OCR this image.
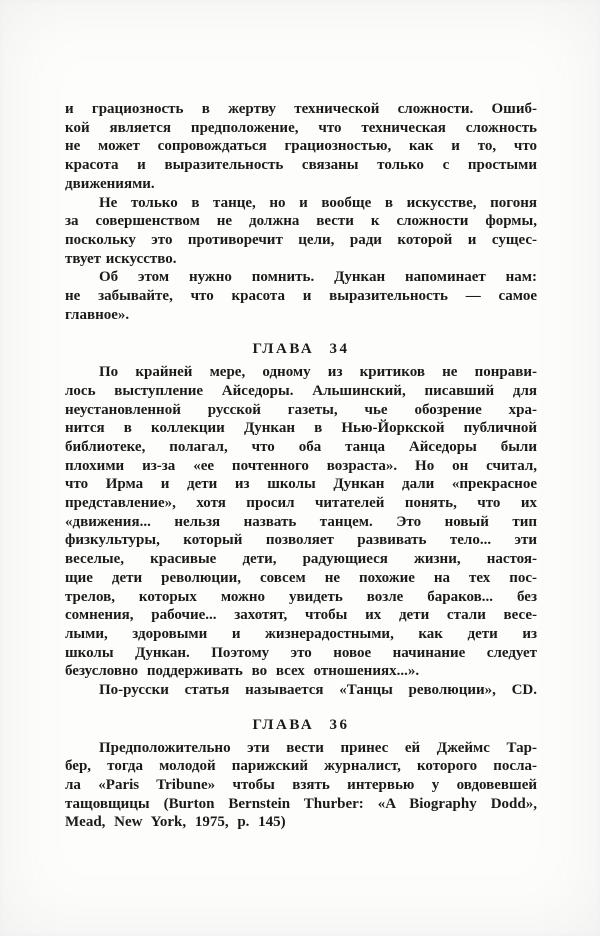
и грациозность в жертву технической сложности. Ошиб-
кой является предположение, что техническая сложность
не может сопровождаться грациозностью, как и то, что
красота и выразительность связаны только с простыми
движениями.
Не только в танце, но и вообще в искусстве, погоня
за совершенством не должна вести к сложности формы,
поскольку это противоречит цели, ради которой и сущес-
твует искусство.
Об этом нужно помнить. Дункан напоминает нам:
не забывайте, что красота и выразительность — самое
главное».
ГЛАВА 34
По крайней мере, одному из критиков не понрави-
лось выступление Айседоры. Альшинский, писавший для
неустановленной русской газеты, чье обозрение хра-
нится в коллекции Дункан в Нью-Йоркской публичной
библиотеке, полагал, что оба танца Айседоры были
плохими из-за «ее почтенного возраста». Но он считал,
что Ирма и дети из школы Дункан дали «прекрасное
представление», хотя просил читателей понять, что их
«движения... нельзя назвать танцем. Это новый тип
физкультуры, который позволяет развивать тело... эти
веселые, красивые дети, радующиеся жизни, настоя-
щие дети революции, совсем не похожие на тех пос-
трелов, которых можно увидеть возле бараков... без
сомнения, рабочие... захотят, чтобы их дети стали весе-
лыми, здоровыми и жизнерадостными, как дети из
школы Дункан. Поэтому это новое начинание следует
безусловно поддерживать во всех отношениях...».
По-русски статья называется «Танцы революции», CD.
ГЛАВА 36
Предположительно эти вести принес ей Джеймс Тар-
бер, тогда молодой парижский журналист, которого посла-
ла «Paris Tribune» чтобы взять интервью у овдовевшей
тащовщицы (Burton Bernstein Thurber: «A Biography Dodd»,
Mead, New York, 1975, p. 145)
